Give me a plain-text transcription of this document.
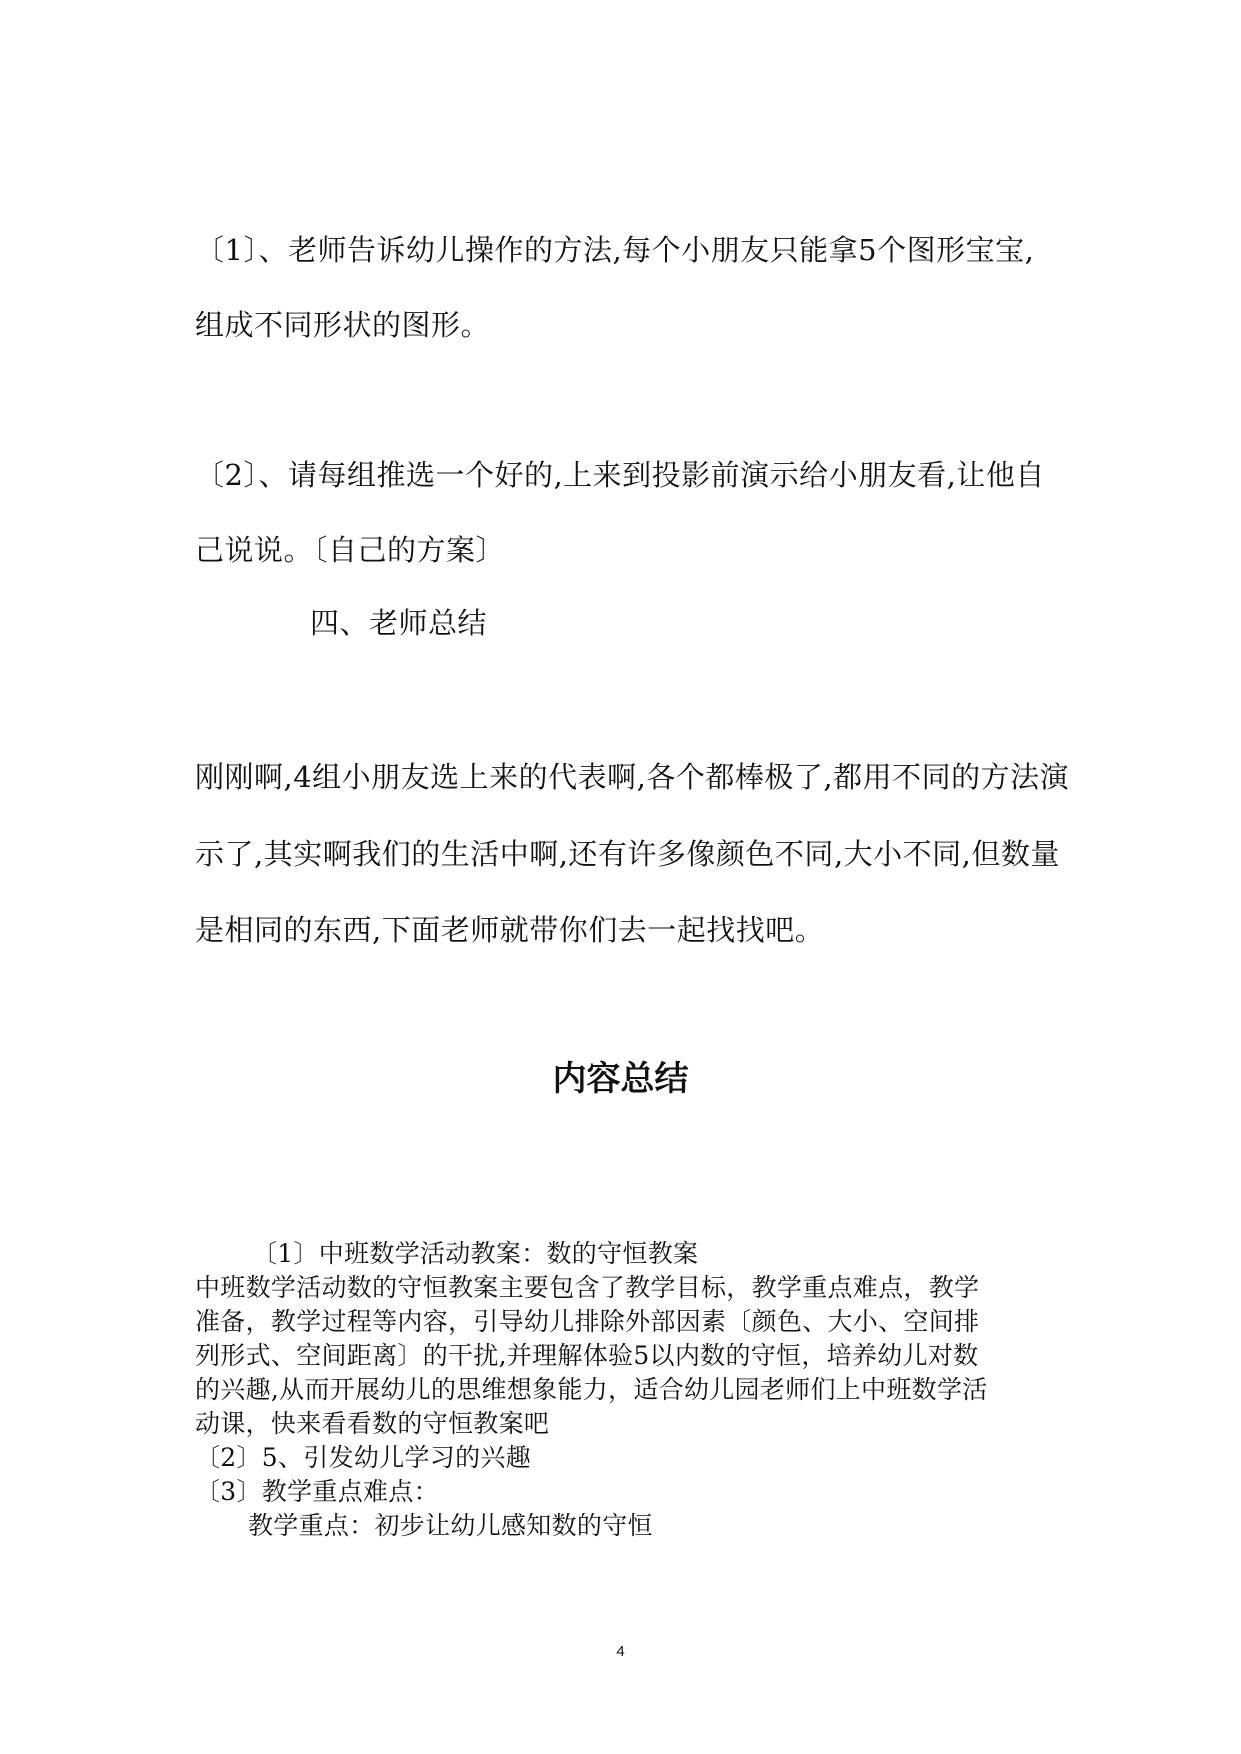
〔1〕、老师告诉幼儿操作的方法,每个小朋友只能拿5个图形宝宝,
组成不同形状的图形。
〔2〕、请每组推选一个好的,上来到投影前演示给小朋友看,让他自
己说说。〔自己的方案〕
四、老师总结
刚刚啊,4组小朋友选上来的代表啊,各个都棒极了,都用不同的方法演
示了,其实啊我们的生活中啊,还有许多像颜色不同,大小不同,但数量
是相同的东西,下面老师就带你们去一起找找吧。
内容总结
〔1〕中班数学活动教案：数的守恒教案
中班数学活动数的守恒教案主要包含了教学目标，教学重点难点，教学
准备，教学过程等内容，引导幼儿排除外部因素〔颜色、大小、空间排
列形式、空间距离〕的干扰,并理解体验5以内数的守恒，培养幼儿对数
的兴趣,从而开展幼儿的思维想象能力，适合幼儿园老师们上中班数学活
动课，快来看看数的守恒教案吧
〔2〕5、引发幼儿学习的兴趣
〔3〕教学重点难点：
教学重点：初步让幼儿感知数的守恒
4
